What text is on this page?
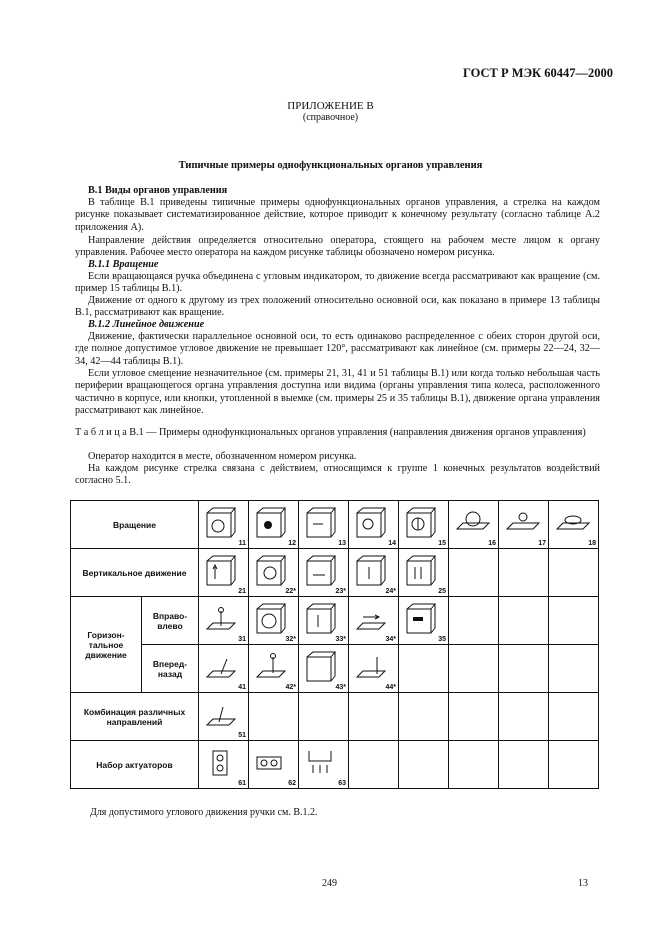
ГОСТ Р МЭК 60447—2000
ПРИЛОЖЕНИЕ В
(справочное)
Типичные примеры однофункциональных органов управления
В.1 Виды органов управления
В таблице В.1 приведены типичные примеры однофункциональных органов управления, а стрелка на каждом рисунке показывает систематизированное действие, которое приводит к конечному результату (согласно таблице А.2 приложения А).
Направление действия определяется относительно оператора, стоящего на рабочем месте лицом к органу управления. Рабочее место оператора на каждом рисунке таблицы обозначено номером рисунка.
В.1.1 Вращение
Если вращающаяся ручка объединена с угловым индикатором, то движение всегда рассматривают как вращение (см. пример 15 таблицы В.1).
Движение от одного к другому из трех положений относительно основной оси, как показано в примере 13 таблицы В.1, рассматривают как вращение.
В.1.2 Линейное движение
Движение, фактически параллельное основной оси, то есть одинаково распределенное с обеих сторон другой оси, где полное допустимое угловое движение не превышает 120°, рассматривают как линейное (см. примеры 22—24, 32—34, 42—44 таблицы В.1).
Если угловое смещение незначительное (см. примеры 21, 31, 41 и 51 таблицы В.1) или когда только небольшая часть периферии вращающегося органа управления доступна или видима (органы управления типа колеса, расположенного частично в корпусе, или кнопки, утопленной в выемке (см. примеры 25 и 35 таблицы В.1), движение органа управления рассматривают как линейное.
Т а б л и ц а В.1 — Примеры однофункциональных органов управления (направления движения органов управления)
Оператор находится в месте, обозначенном номером рисунка.
На каждом рисунке стрелка связана с действием, относящимся к группе 1 конечных результатов воздействий согласно 5.1.
Вращение		11	12	13	14	15	16	17	18

Вертикальное движение		21	22*	23*	24*	25			

Горизон-тальное движение	Вправо-влево	31	32*	33*	34*	35			

	Вперед-назад	41	42*	43*	44*				

Комбинация различных направлений		51							

Набор актуаторов		61	62	63					

Для допустимого углового движения ручки см. В.1.2.
249	13
